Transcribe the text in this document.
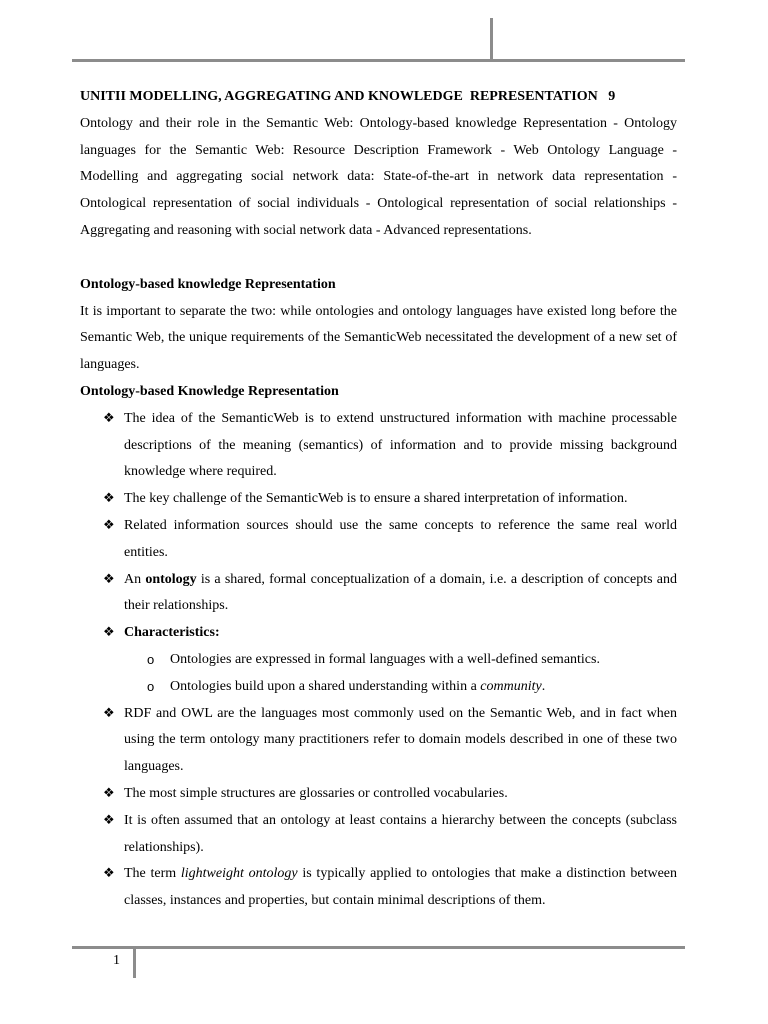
UNITII MODELLING, AGGREGATING AND KNOWLEDGE  REPRESENTATION   9

Ontology and their role in the Semantic Web: Ontology-based knowledge Representation - Ontology languages for the Semantic Web: Resource Description Framework - Web Ontology Language - Modelling and aggregating social network data: State-of-the-art in network data representation - Ontological representation of social individuals - Ontological representation of social relationships - Aggregating and reasoning with social network data - Advanced representations.

Ontology-based knowledge Representation

It is important to separate the two: while ontologies and ontology languages have existed long before the Semantic Web, the unique requirements of the SemanticWeb necessitated the development of a new set of languages.

Ontology-based Knowledge Representation

❖ The idea of the SemanticWeb is to extend unstructured information with machine processable descriptions of the meaning (semantics) of information and to provide missing background knowledge where required.
❖ The key challenge of the SemanticWeb is to ensure a shared interpretation of information.
❖ Related information sources should use the same concepts to reference the same real world entities.
❖ An ontology is a shared, formal conceptualization of a domain, i.e. a description of concepts and their relationships.
❖ Characteristics:
o Ontologies are expressed in formal languages with a well-defined semantics.
o Ontologies build upon a shared understanding within a community.
❖ RDF and OWL are the languages most commonly used on the Semantic Web, and in fact when using the term ontology many practitioners refer to domain models described in one of these two languages.
❖ The most simple structures are glossaries or controlled vocabularies.
❖ It is often assumed that an ontology at least contains a hierarchy between the concepts (subclass relationships).
❖ The term lightweight ontology is typically applied to ontologies that make a distinction between classes, instances and properties, but contain minimal descriptions of them.
1
